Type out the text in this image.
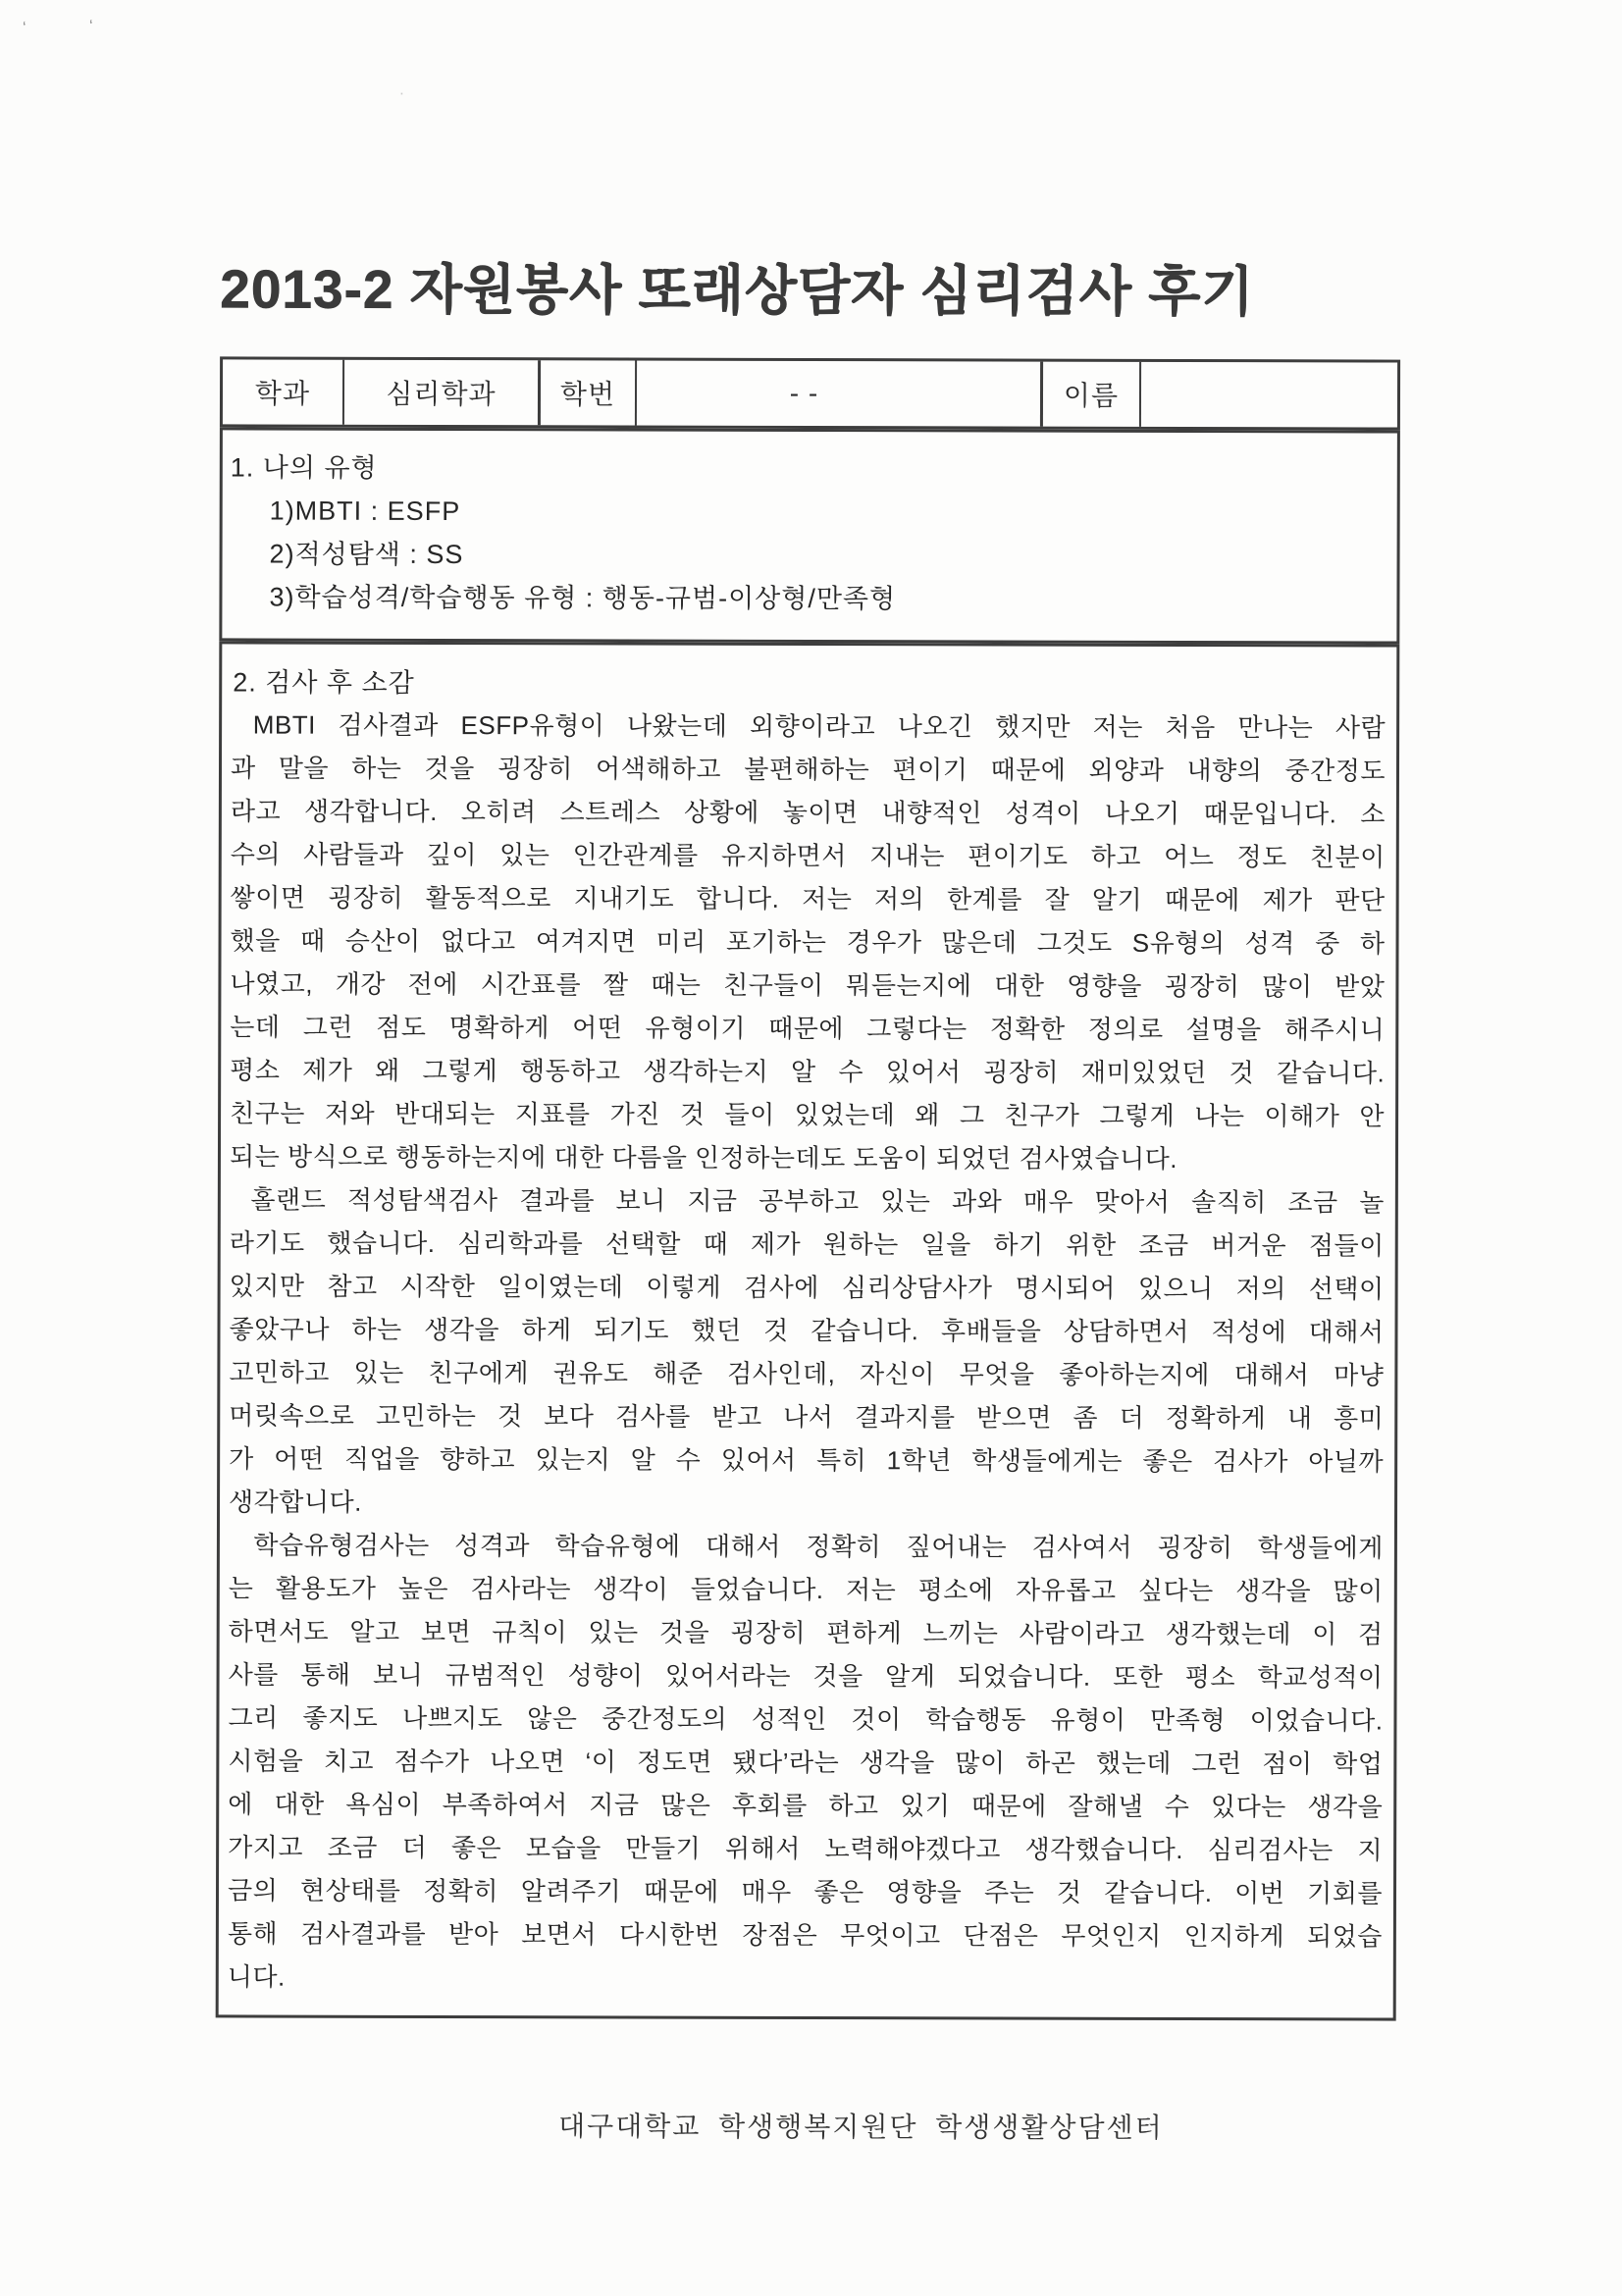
‘	‘
·
2013-2 자원봉사 또래상담자 심리검사 후기
학과	심리학과	학번	- -	이름
1. 나의 유형
1)MBTI : ESFP
2)적성탐색 : SS
3)학습성격/학습행동 유형 : 행동-규범-이상형/만족형
2. 검사 후 소감
MBTI 검사결과 ESFP유형이 나왔는데 외향이라고 나오긴 했지만 저는 처음 만나는 사람
과 말을 하는 것을 굉장히 어색해하고 불편해하는 편이기 때문에 외양과 내향의 중간정도
라고 생각합니다. 오히려 스트레스 상황에 놓이면 내향적인 성격이 나오기 때문입니다. 소
수의 사람들과 깊이 있는 인간관계를 유지하면서 지내는 편이기도 하고 어느 정도 친분이
쌓이면 굉장히 활동적으로 지내기도 합니다. 저는 저의 한계를 잘 알기 때문에 제가 판단
했을 때 승산이 없다고 여겨지면 미리 포기하는 경우가 많은데 그것도 S유형의 성격 중 하
나였고, 개강 전에 시간표를 짤 때는 친구들이 뭐듣는지에 대한 영향을 굉장히 많이 받았
는데 그런 점도 명확하게 어떤 유형이기 때문에 그렇다는 정확한 정의로 설명을 해주시니
평소 제가 왜 그렇게 행동하고 생각하는지 알 수 있어서 굉장히 재미있었던 것 같습니다.
친구는 저와 반대되는 지표를 가진 것 들이 있었는데 왜 그 친구가 그렇게 나는 이해가 안
되는 방식으로 행동하는지에 대한 다름을 인정하는데도 도움이 되었던 검사였습니다.
홀랜드 적성탐색검사 결과를 보니 지금 공부하고 있는 과와 매우 맞아서 솔직히 조금 놀
라기도 했습니다. 심리학과를 선택할 때 제가 원하는 일을 하기 위한 조금 버거운 점들이
있지만 참고 시작한 일이였는데 이렇게 검사에 심리상담사가 명시되어 있으니 저의 선택이
좋았구나 하는 생각을 하게 되기도 했던 것 같습니다. 후배들을 상담하면서 적성에 대해서
고민하고 있는 친구에게 권유도 해준 검사인데, 자신이 무엇을 좋아하는지에 대해서 마냥
머릿속으로 고민하는 것 보다 검사를 받고 나서 결과지를 받으면 좀 더 정확하게 내 흥미
가 어떤 직업을 향하고 있는지 알 수 있어서 특히 1학년 학생들에게는 좋은 검사가 아닐까
생각합니다.
학습유형검사는 성격과 학습유형에 대해서 정확히 짚어내는 검사여서 굉장히 학생들에게
는 활용도가 높은 검사라는 생각이 들었습니다. 저는 평소에 자유롭고 싶다는 생각을 많이
하면서도 알고 보면 규칙이 있는 것을 굉장히 편하게 느끼는 사람이라고 생각했는데 이 검
사를 통해 보니 규범적인 성향이 있어서라는 것을 알게 되었습니다. 또한 평소 학교성적이
그리 좋지도 나쁘지도 않은 중간정도의 성적인 것이 학습행동 유형이 만족형 이었습니다.
시험을 치고 점수가 나오면 ‘이 정도면 됐다’라는 생각을 많이 하곤 했는데 그런 점이 학업
에 대한 욕심이 부족하여서 지금 많은 후회를 하고 있기 때문에 잘해낼 수 있다는 생각을
가지고 조금 더 좋은 모습을 만들기 위해서 노력해야겠다고 생각했습니다. 심리검사는 지
금의 현상태를 정확히 알려주기 때문에 매우 좋은 영향을 주는 것 같습니다. 이번 기회를
통해 검사결과를 받아 보면서 다시한번 장점은 무엇이고 단점은 무엇인지 인지하게 되었습
니다.
대구대학교 학생행복지원단 학생생활상담센터
